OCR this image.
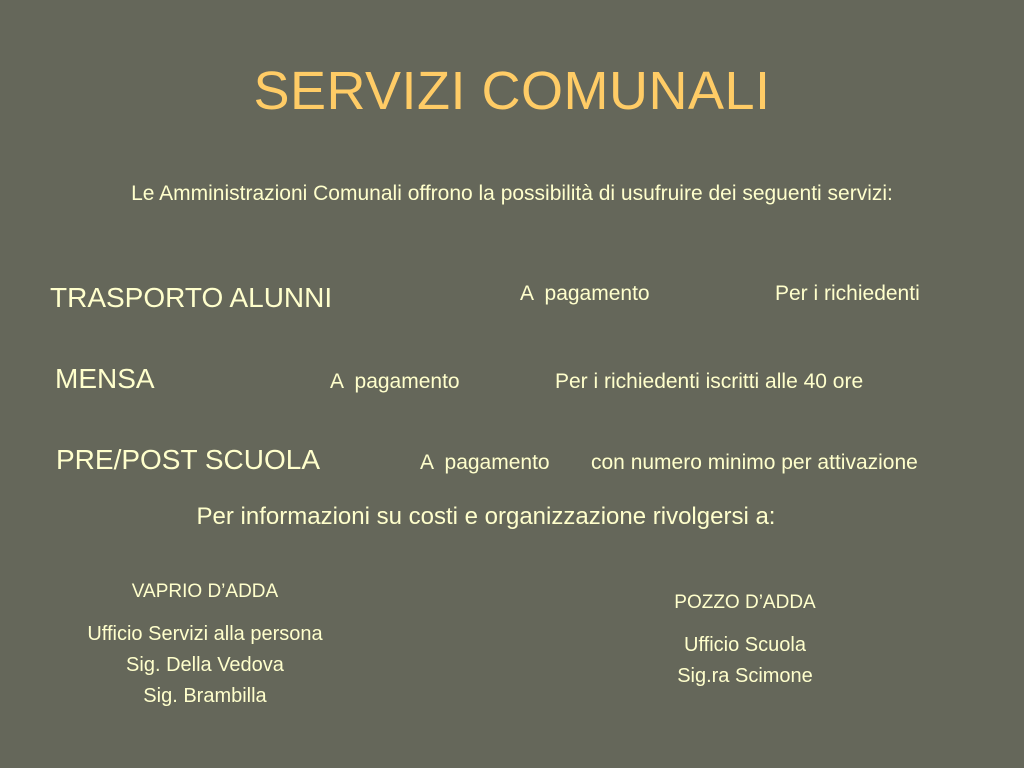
SERVIZI COMUNALI
Le Amministrazioni Comunali offrono la possibilità di usufruire dei seguenti servizi:
TRASPORTO ALUNNI	A  pagamento	Per i richiedenti
MENSA	A  pagamento	Per i richiedenti iscritti alle 40 ore
PRE/POST SCUOLA	A  pagamento con numero minimo per attivazione
Per informazioni su costi e organizzazione rivolgersi a:
VAPRIO D’ADDA
Ufficio Servizi alla persona
Sig. Della Vedova
Sig. Brambilla
POZZO D’ADDA
Ufficio Scuola
Sig.ra Scimone
